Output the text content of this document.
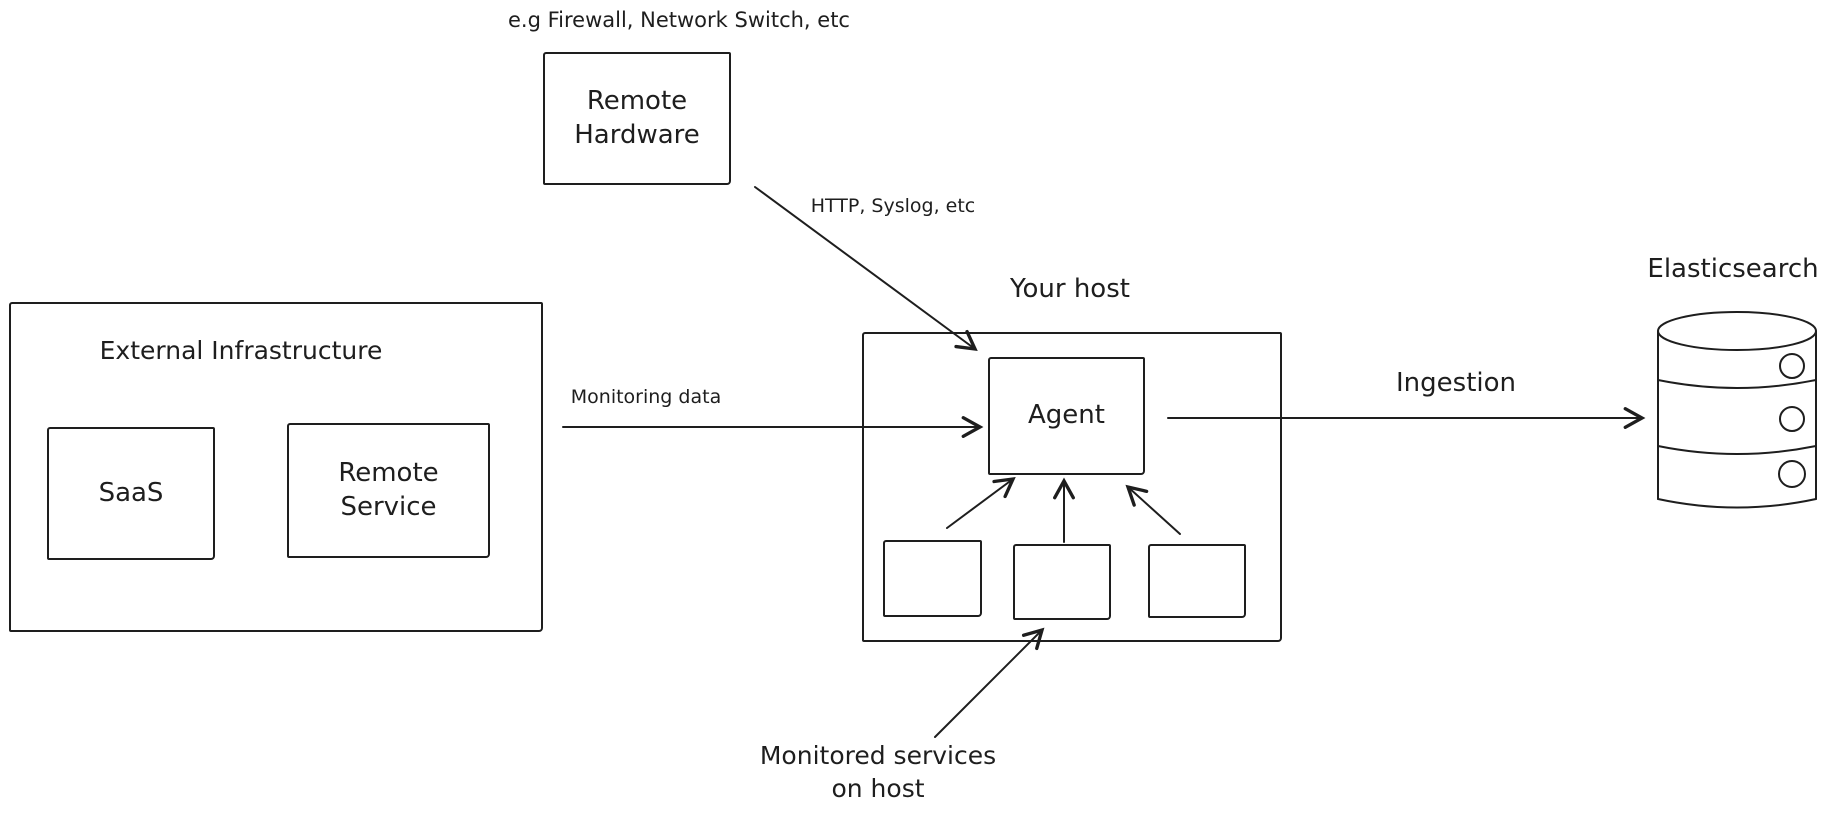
External Infrastructure
SaaS
Remote Service
Remote Hardware
Agent
e.g Firewall, Network Switch, etc
HTTP, Syslog, etc
Your host
Monitoring data	Ingestion
Elasticsearch
Monitored services on host
